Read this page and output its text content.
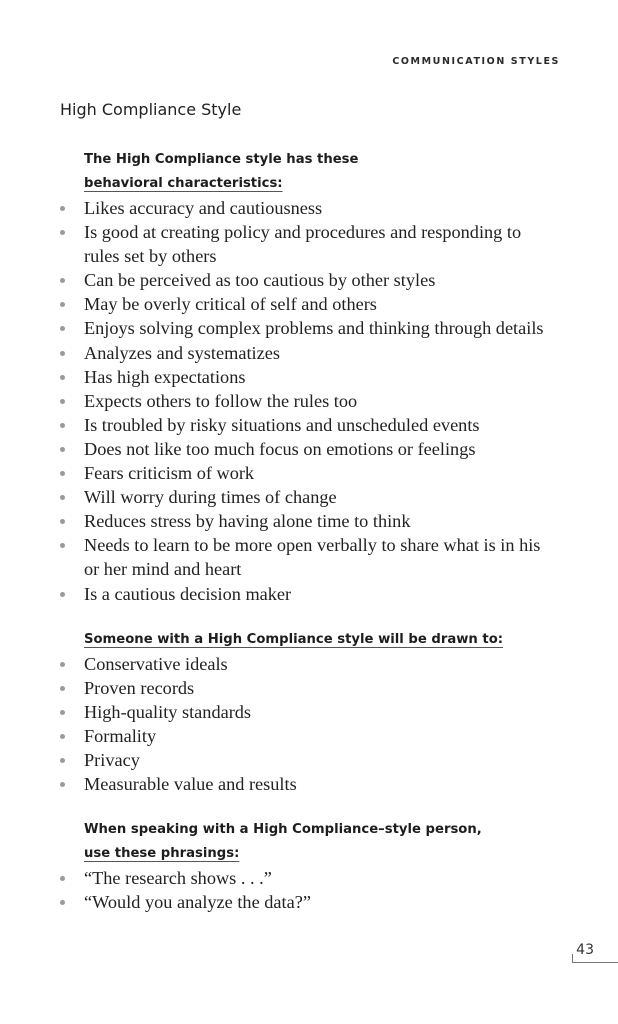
COMMUNICATION STYLES
High Compliance Style
The High Compliance style has these
behavioral characteristics:
Likes accuracy and cautiousness
Is good at creating policy and procedures and responding to rules set by others
Can be perceived as too cautious by other styles
May be overly critical of self and others
Enjoys solving complex problems and thinking through details
Analyzes and systematizes
Has high expectations
Expects others to follow the rules too
Is troubled by risky situations and unscheduled events
Does not like too much focus on emotions or feelings
Fears criticism of work
Will worry during times of change
Reduces stress by having alone time to think
Needs to learn to be more open verbally to share what is in his or her mind and heart
Is a cautious decision maker
Someone with a High Compliance style will be drawn to:
Conservative ideals
Proven records
High-quality standards
Formality
Privacy
Measurable value and results
When speaking with a High Compliance–style person,
use these phrasings:
“The research shows . . .”
“Would you analyze the data?”
43
